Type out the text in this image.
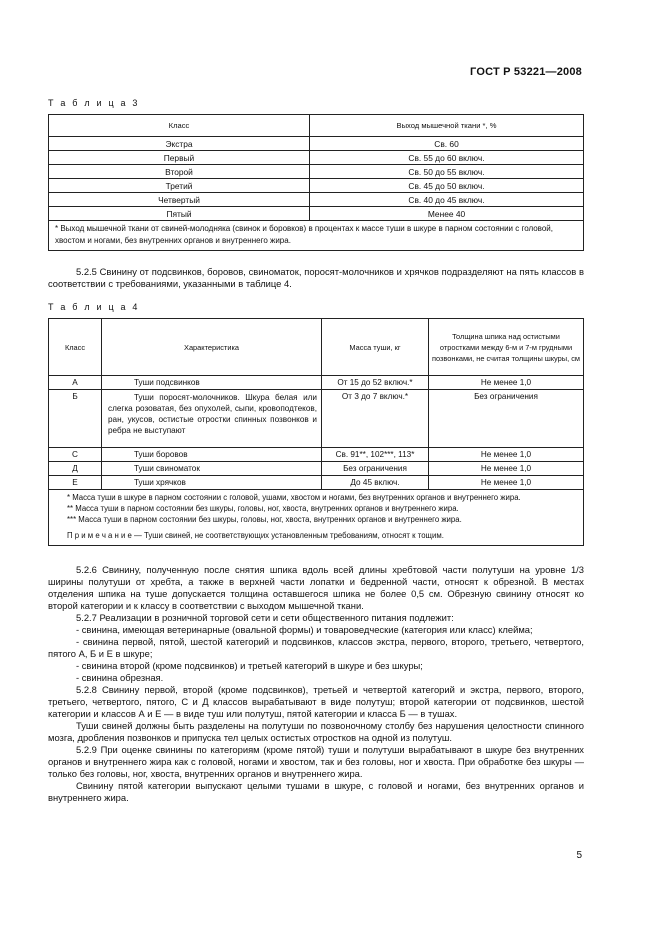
ГОСТ Р 53221—2008
Т а б л и ц а 3
Класс	Выход мышечной ткани *, %
Экстра	Св. 60
Первый	Св. 55 до 60 включ.
Второй	Св. 50 до 55 включ.
Третий	Св. 45 до 50 включ.
Четвертый	Св. 40 до 45 включ.
Пятый	Менее 40
* Выход мышечной ткани от свиней-молодняка (свинок и боровков) в процентах к массе туши в шкуре в парном состоянии с головой, хвостом и ногами, без внутренних органов и внутреннего жира.	

5.2.5 Свинину от подсвинков, боровов, свиноматок, поросят-молочников и хрячков подразделяют на пять классов в соответствии с требованиями, указанными в таблице 4.

Т а б л и ц а 4
Класс	Характеристика	Масса туши, кг	Толщина шпика над остистыми отростками между 6-м и 7-м грудными позвонками, не считая толщины шкуры, см
А	Туши подсвинков	От 15 до 52 включ.*	Не менее 1,0
Б	Туши поросят-молочников. Шкура белая или слегка розоватая, без опухолей, сыпи, кровоподтеков, ран, укусов, остистые отростки спинных позвонков и ребра не выступают	От 3 до 7 включ.*	Без ограничения
С	Туши боровов	Св. 91**, 102***, 113*	Не менее 1,0
Д	Туши свиноматок	Без ограничения	Не менее 1,0
Е	Туши хрячков	До 45 включ.	Не менее 1,0

* Масса туши в шкуре в парном состоянии с головой, ушами, хвостом и ногами, без внутренних органов и внутреннего жира.
** Масса туши в парном состоянии без шкуры, головы, ног, хвоста, внутренних органов и внутреннего жира.
*** Масса туши в парном состоянии без шкуры, головы, ног, хвоста, внутренних органов и внутреннего жира.
П р и м е ч а н и е — Туши свиней, не соответствующих установленным требованиям, относят к тощим.			

5.2.6 Свинину, полученную после снятия шпика вдоль всей длины хребтовой части полутуши на уровне 1/3 ширины полутуши от хребта, а также в верхней части лопатки и бедренной части, относят к обрезной. В местах отделения шпика на туше допускается толщина оставшегося шпика не более 0,5 см. Обрезную свинину относят ко второй категории и к классу в соответствии с выходом мышечной ткани.

5.2.7 Реализации в розничной торговой сети и сети общественного питания подлежит:

- свинина, имеющая ветеринарные (овальной формы) и товароведческие (категория или класс) клейма;

- свинина первой, пятой, шестой категорий и подсвинков, классов экстра, первого, второго, третьего, четвертого, пятого А, Б и Е в шкуре;

- свинина второй (кроме подсвинков) и третьей категорий в шкуре и без шкуры;

- свинина обрезная.

5.2.8 Свинину первой, второй (кроме подсвинков), третьей и четвертой категорий и экстра, первого, второго, третьего, четвертого, пятого, С и Д классов вырабатывают в виде полутуш; второй категории от подсвинков, шестой категории и классов А и Е — в виде туш или полутуш, пятой категории и класса Б — в тушах.

Туши свиней должны быть разделены на полутуши по позвоночному столбу без нарушения целостности спинного мозга, дробления позвонков и припуска тел целых остистых отростков на одной из полутуш.

5.2.9 При оценке свинины по категориям (кроме пятой) туши и полутуши вырабатывают в шкуре без внутренних органов и внутреннего жира как с головой, ногами и хвостом, так и без головы, ног и хвоста. При обработке без шкуры — только без головы, ног, хвоста, внутренних органов и внутреннего жира.

Свинину пятой категории выпускают целыми тушами в шкуре, с головой и ногами, без внутренних органов и внутреннего жира.

5
